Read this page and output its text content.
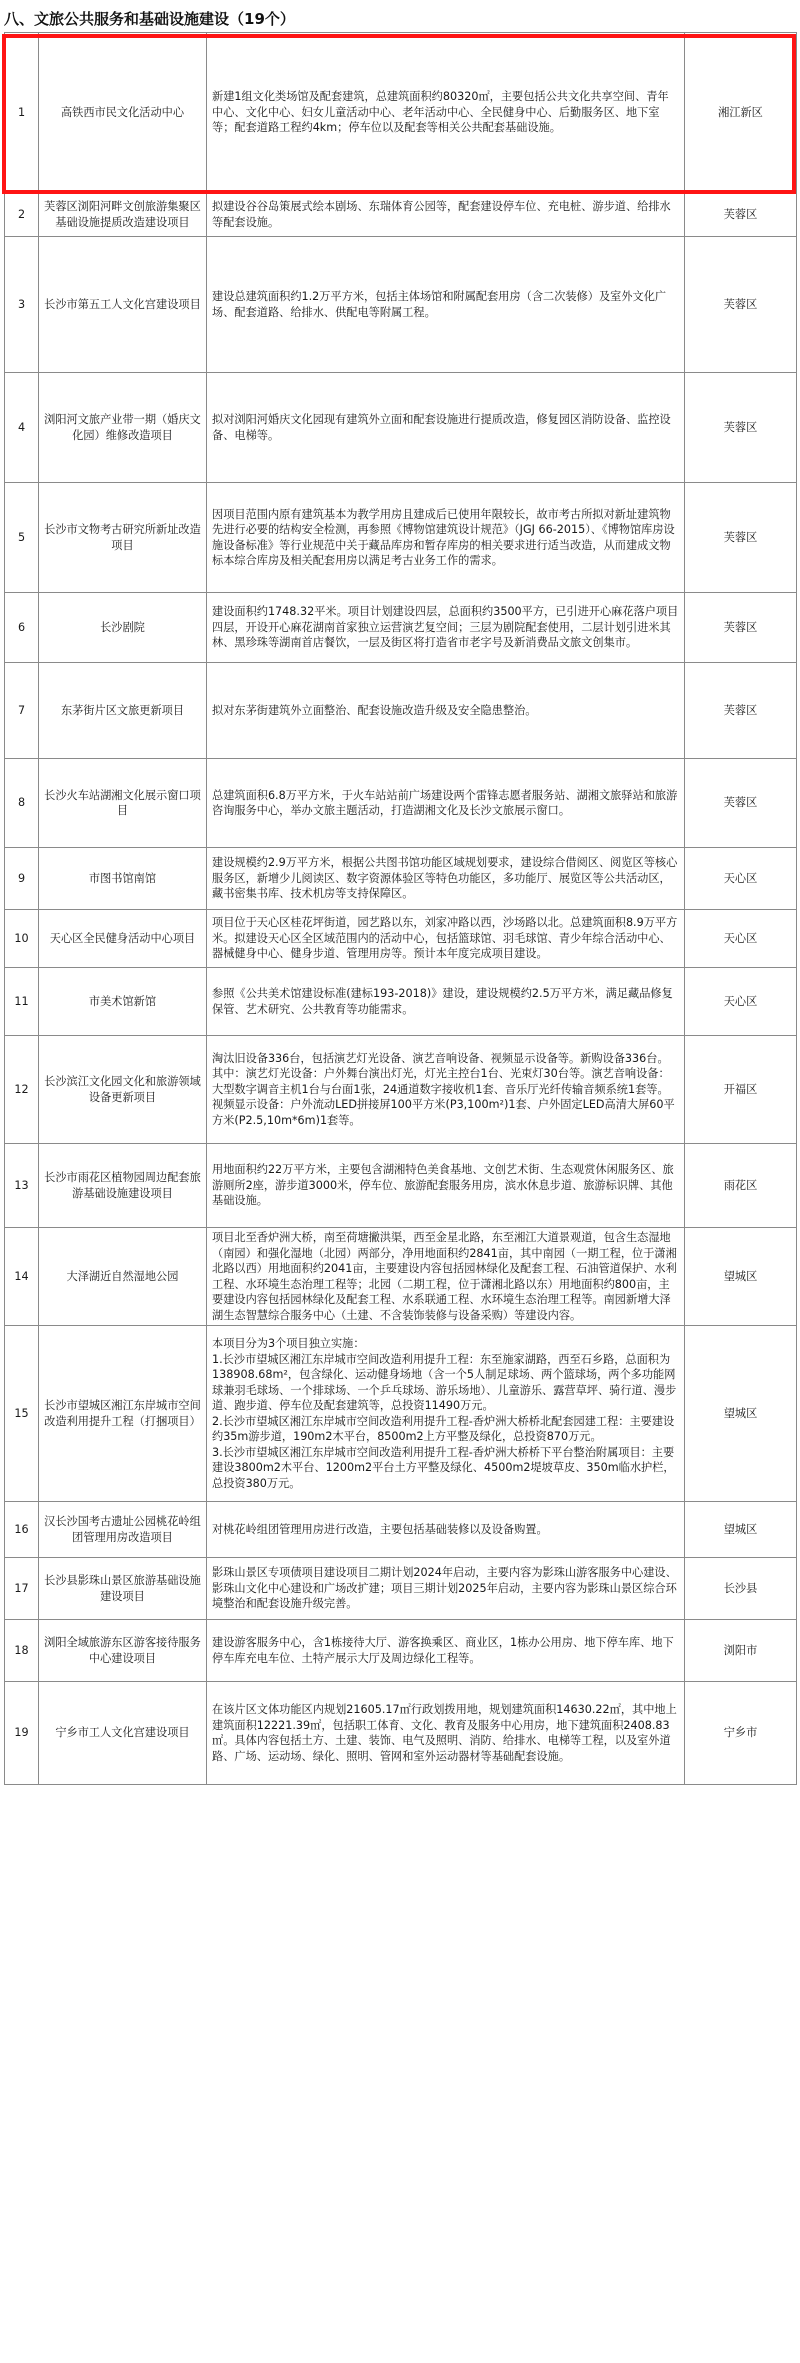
八、文旅公共服务和基础设施建设（19个）
1	高铁西市民文化活动中心	新建1组文化类场馆及配套建筑，总建筑面积约80320㎡，主要包括公共文化共享空间、青年中心、文化中心、妇女儿童活动中心、老年活动中心、全民健身中心、后勤服务区、地下室等；配套道路工程约4km；停车位以及配套等相关公共配套基础设施。	湘江新区
2	芙蓉区浏阳河畔文创旅游集聚区基础设施提质改造建设项目	拟建设谷谷岛策展式绘本剧场、东瑞体育公园等，配套建设停车位、充电桩、游步道、给排水等配套设施。	芙蓉区
3	长沙市第五工人文化宫建设项目	建设总建筑面积约1.2万平方米，包括主体场馆和附属配套用房（含二次装修）及室外文化广场、配套道路、给排水、供配电等附属工程。	芙蓉区
4	浏阳河文旅产业带一期（婚庆文化园）维修改造项目	拟对浏阳河婚庆文化园现有建筑外立面和配套设施进行提质改造，修复园区消防设备、监控设备、电梯等。	芙蓉区
5	长沙市文物考古研究所新址改造项目	因项目范围内原有建筑基本为教学用房且建成后已使用年限较长，故市考古所拟对新址建筑物先进行必要的结构安全检测，再参照《博物馆建筑设计规范》（JGJ 66-2015）、《博物馆库房设施设备标准》等行业规范中关于藏品库房和暂存库房的相关要求进行适当改造，从而建成文物标本综合库房及相关配套用房以满足考古业务工作的需求。	芙蓉区
6	长沙剧院	建设面积约1748.32平米。项目计划建设四层，总面积约3500平方，已引进开心麻花落户项目四层，开设开心麻花湖南首家独立运营演艺复空间；三层为剧院配套使用，二层计划引进米其林、黑珍珠等湖南首店餐饮，一层及街区将打造省市老字号及新消费品文旅文创集市。	芙蓉区
7	东茅街片区文旅更新项目	拟对东茅街建筑外立面整治、配套设施改造升级及安全隐患整治。	芙蓉区
8	长沙火车站湖湘文化展示窗口项目	总建筑面积6.8万平方米，于火车站站前广场建设两个雷锋志愿者服务站、湖湘文旅驿站和旅游咨询服务中心，举办文旅主题活动，打造湖湘文化及长沙文旅展示窗口。	芙蓉区
9	市图书馆南馆	建设规模约2.9万平方米，根据公共图书馆功能区域规划要求，建设综合借阅区、阅览区等核心服务区，新增少儿阅读区、数字资源体验区等特色功能区，多功能厅、展览区等公共活动区，藏书密集书库、技术机房等支持保障区。	天心区
10	天心区全民健身活动中心项目	项目位于天心区桂花坪街道，园艺路以东，刘家冲路以西，沙场路以北。总建筑面积8.9万平方米。拟建设天心区全区域范围内的活动中心，包括篮球馆、羽毛球馆、青少年综合活动中心、器械健身中心、健身步道、管理用房等。预计本年度完成项目建设。	天心区
11	市美术馆新馆	参照《公共美术馆建设标准(建标193-2018)》建设，建设规模约2.5万平方米，满足藏品修复保管、艺术研究、公共教育等功能需求。	天心区
12	长沙滨江文化园文化和旅游领域设备更新项目	淘汰旧设备336台，包括演艺灯光设备、演艺音响设备、视频显示设备等。新购设备336台。其中：演艺灯光设备：户外舞台演出灯光，灯光主控台1台、光束灯30台等。演艺音响设备：大型数字调音主机1台与台面1张，24通道数字接收机1套、音乐厅光纤传输音频系统1套等。视频显示设备：户外流动LED拼接屏100平方米(P3,100m²)1套、户外固定LED高清大屏60平方米(P2.5,10m*6m)1套等。	开福区
13	长沙市雨花区植物园周边配套旅游基础设施建设项目	用地面积约22万平方米，主要包含湖湘特色美食基地、文创艺术街、生态观赏休闲服务区、旅游厕所2座，游步道3000米，停车位、旅游配套服务用房，滨水休息步道、旅游标识牌、其他基础设施。	雨花区
14	大泽湖近自然湿地公园	项目北至香炉洲大桥，南至荷塘撇洪渠，西至金星北路，东至湘江大道景观道，包含生态湿地（南园）和强化湿地（北园）两部分，净用地面积约2841亩，其中南园（一期工程，位于潇湘北路以西）用地面积约2041亩，主要建设内容包括园林绿化及配套工程、石油管道保护、水利工程、水环境生态治理工程等；北园（二期工程，位于潇湘北路以东）用地面积约800亩，主要建设内容包括园林绿化及配套工程、水系联通工程、水环境生态治理工程等。南园新增大泽湖生态智慧综合服务中心（土建、不含装饰装修与设备采购）等建设内容。	望城区
15	长沙市望城区湘江东岸城市空间改造利用提升工程（打捆项目）	本项目分为3个项目独立实施：
1.长沙市望城区湘江东岸城市空间改造利用提升工程：东至施家湖路，西至石乡路，总面积为138908.68m²，包含绿化、运动健身场地（含一个5人制足球场、两个篮球场，两个多功能网球兼羽毛球场、一个排球场、一个乒乓球场、游乐场地）、儿童游乐、露营草坪、骑行道、漫步道、跑步道、停车位及配套建筑等，总投资11490万元。
2.长沙市望城区湘江东岸城市空间改造利用提升工程-香炉洲大桥桥北配套园建工程：主要建设约35m游步道，190m2木平台，8500m2上方平整及绿化，总投资870万元。
3.长沙市望城区湘江东岸城市空间改造利用提升工程-香炉洲大桥桥下平台整治附属项目：主要建设3800m2木平台、1200m2平台土方平整及绿化、4500m2堤坡草皮、350m临水护栏，总投资380万元。	望城区
16	汉长沙国考古遗址公园桃花岭组团管理用房改造项目	对桃花岭组团管理用房进行改造，主要包括基础装修以及设备购置。	望城区
17	长沙县影珠山景区旅游基础设施建设项目	影珠山景区专项债项目建设项目二期计划2024年启动，主要内容为影珠山游客服务中心建设、影珠山文化中心建设和广场改扩建；项目三期计划2025年启动，主要内容为影珠山景区综合环境整治和配套设施升级完善。	长沙县
18	浏阳全域旅游东区游客接待服务中心建设项目	建设游客服务中心，含1栋接待大厅、游客换乘区、商业区，1栋办公用房、地下停车库、地下停车库充电车位、土特产展示大厅及周边绿化工程等。	浏阳市
19	宁乡市工人文化宫建设项目	在该片区文体功能区内规划21605.17㎡行政划拨用地，规划建筑面积14630.22㎡，其中地上建筑面积12221.39㎡，包括职工体育、文化、教育及服务中心用房，地下建筑面积2408.83㎡。具体内容包括土方、土建、装饰、电气及照明、消防、给排水、电梯等工程，以及室外道路、广场、运动场、绿化、照明、管网和室外运动器材等基础配套设施。	宁乡市
